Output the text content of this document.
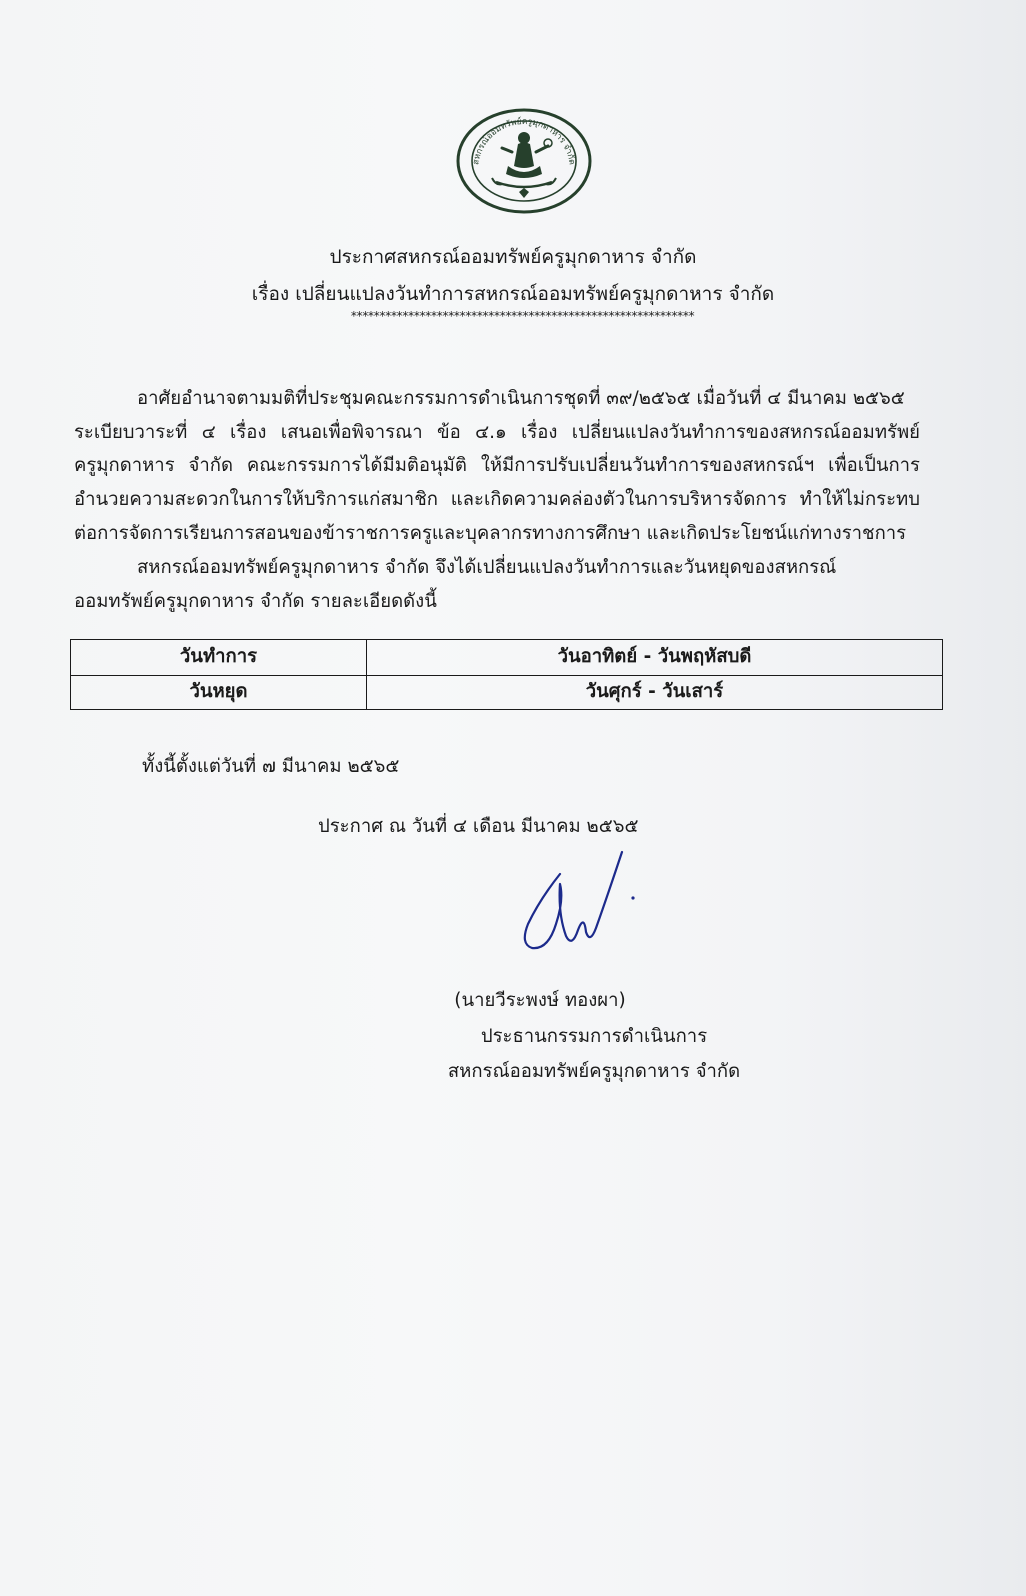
สหกรณ์ออมทรัพย์ครูมุกดาหาร จำกัด
ประกาศสหกรณ์ออมทรัพย์ครูมุกดาหาร จำกัด
เรื่อง เปลี่ยนแปลงวันทำการสหกรณ์ออมทรัพย์ครูมุกดาหาร จำกัด
************************************************************
อาศัยอำนาจตามมติที่ประชุมคณะกรรมการดำเนินการชุดที่ ๓๙/๒๕๖๕ เมื่อวันที่ ๔ มีนาคม ๒๕๖๕
ระเบียบวาระที่ ๔ เรื่อง เสนอเพื่อพิจารณา ข้อ ๔.๑ เรื่อง เปลี่ยนแปลงวันทำการของสหกรณ์ออมทรัพย์
ครูมุกดาหาร จำกัด คณะกรรมการได้มีมติอนุมัติ ให้มีการปรับเปลี่ยนวันทำการของสหกรณ์ฯ เพื่อเป็นการ
อำนวยความสะดวกในการให้บริการแก่สมาชิก และเกิดความคล่องตัวในการบริหารจัดการ ทำให้ไม่กระทบ
ต่อการจัดการเรียนการสอนของข้าราชการครูและบุคลากรทางการศึกษา และเกิดประโยชน์แก่ทางราชการ
สหกรณ์ออมทรัพย์ครูมุกดาหาร จำกัด จึงได้เปลี่ยนแปลงวันทำการและวันหยุดของสหกรณ์
ออมทรัพย์ครูมุกดาหาร จำกัด รายละเอียดดังนี้
วันทำการ	วันอาทิตย์ - วันพฤหัสบดี
วันหยุด	วันศุกร์ - วันเสาร์
ทั้งนี้ตั้งแต่วันที่ ๗ มีนาคม ๒๕๖๕
ประกาศ ณ วันที่ ๔ เดือน มีนาคม ๒๕๖๕
(นายวีระพงษ์ ทองผา)
ประธานกรรมการดำเนินการ
สหกรณ์ออมทรัพย์ครูมุกดาหาร จำกัด
